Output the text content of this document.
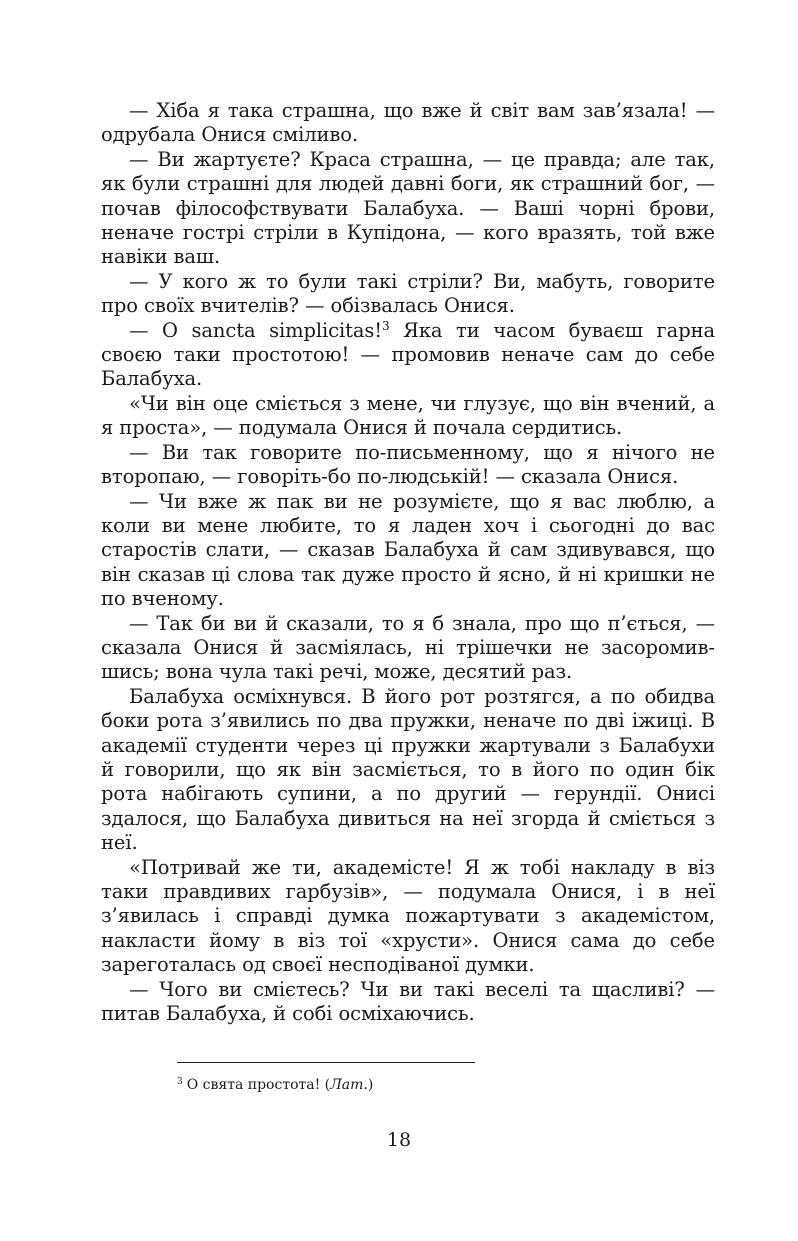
— Хіба я така страшна, що вже й світ вам зав’язала! — одрубала Онися сміливо.

— Ви жартуєте? Краса страшна, — це правда; але так, як були страшні для людей давні боги, як страшний бог, — почав філософствувати Балабуха. — Ваші чорні брови, неначе гострі стріли в Купідона, — кого вразять, той вже навіки ваш.

— У кого ж то були такі стріли? Ви, мабуть, говорите про своїх вчителів? — обізвалась Онися.

— О sancta simplicitas!$^3$ Яка ти часом буваєш гарна своєю таки простотою! — промовив неначе сам до себе Балабуха.

«Чи він оце сміється з мене, чи глузує, що він вчений, а я проста», — подумала Онися й почала сердитись.

— Ви так говорите по-письменному, що я нічого не второпаю, — говоріть-бо по-людській! — сказала Онися.

— Чи вже ж пак ви не розумієте, що я вас люблю, а коли ви мене любите, то я ладен хоч і сьогодні до вас старостів слати, — сказав Балабуха й сам здивувався, що він сказав ці слова так дуже просто й ясно, й ні кришки не по вченому.

— Так би ви й сказали, то я б знала, про що п’ється, — сказала Онися й засміялась, ні трішечки не засоромившись; вона чула такі речі, може, десятий раз.

Балабуха осміхнувся. В його рот розтягся, а по обидва боки рота з’явились по два пружки, неначе по дві іжиці. В академії студенти через ці пружки жартували з Балабухи й говорили, що як він засміється, то в його по один бік рота набігають супини, а по другий — герундії. Онисі здалося, що Балабуха дивиться на неї згорда й сміється з неї.

«Потривай же ти, академісте! Я ж тобі накладу в віз таки правдивих гарбузів», — подумала Онися, і в неї з’явилась і справді думка пожартувати з академістом, накласти йому в віз тої «хрусти». Онися сама до себе зареготалась од своєї несподіваної думки.

— Чого ви смієтесь? Чи ви такі веселі та щасливі? — питав Балабуха, й собі осміхаючись.

$^3$ О свята простота! (Лат.)
18
